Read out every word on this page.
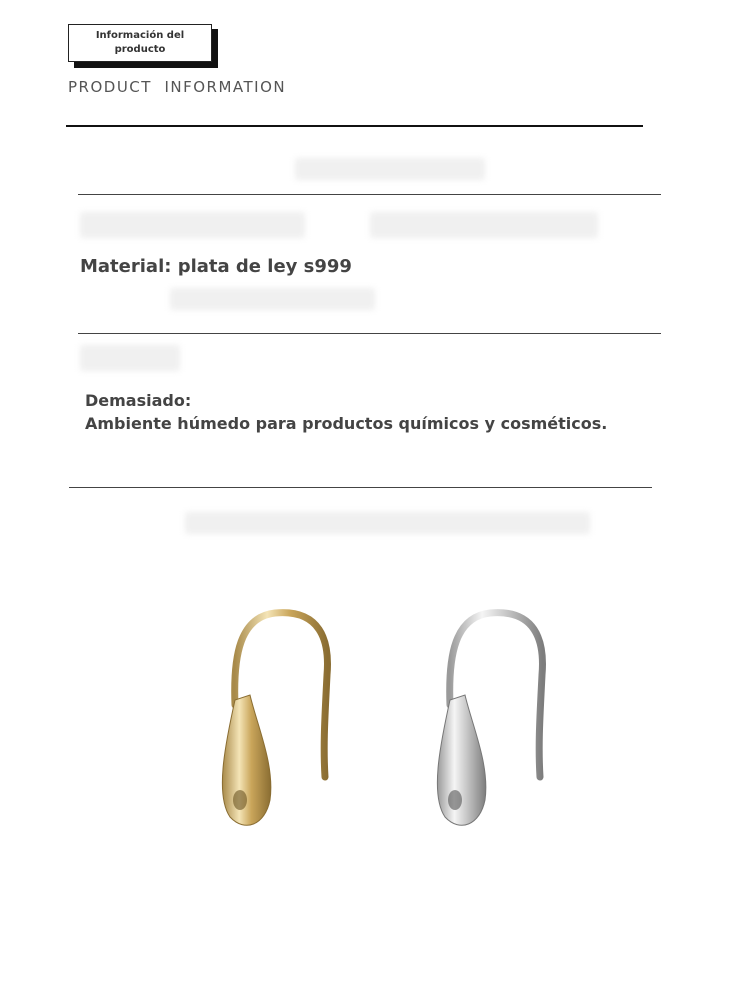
Información del
producto
PRODUCT  INFORMATION
Material: plata de ley s999
Demasiado:
Ambiente húmedo para productos químicos y cosméticos.
